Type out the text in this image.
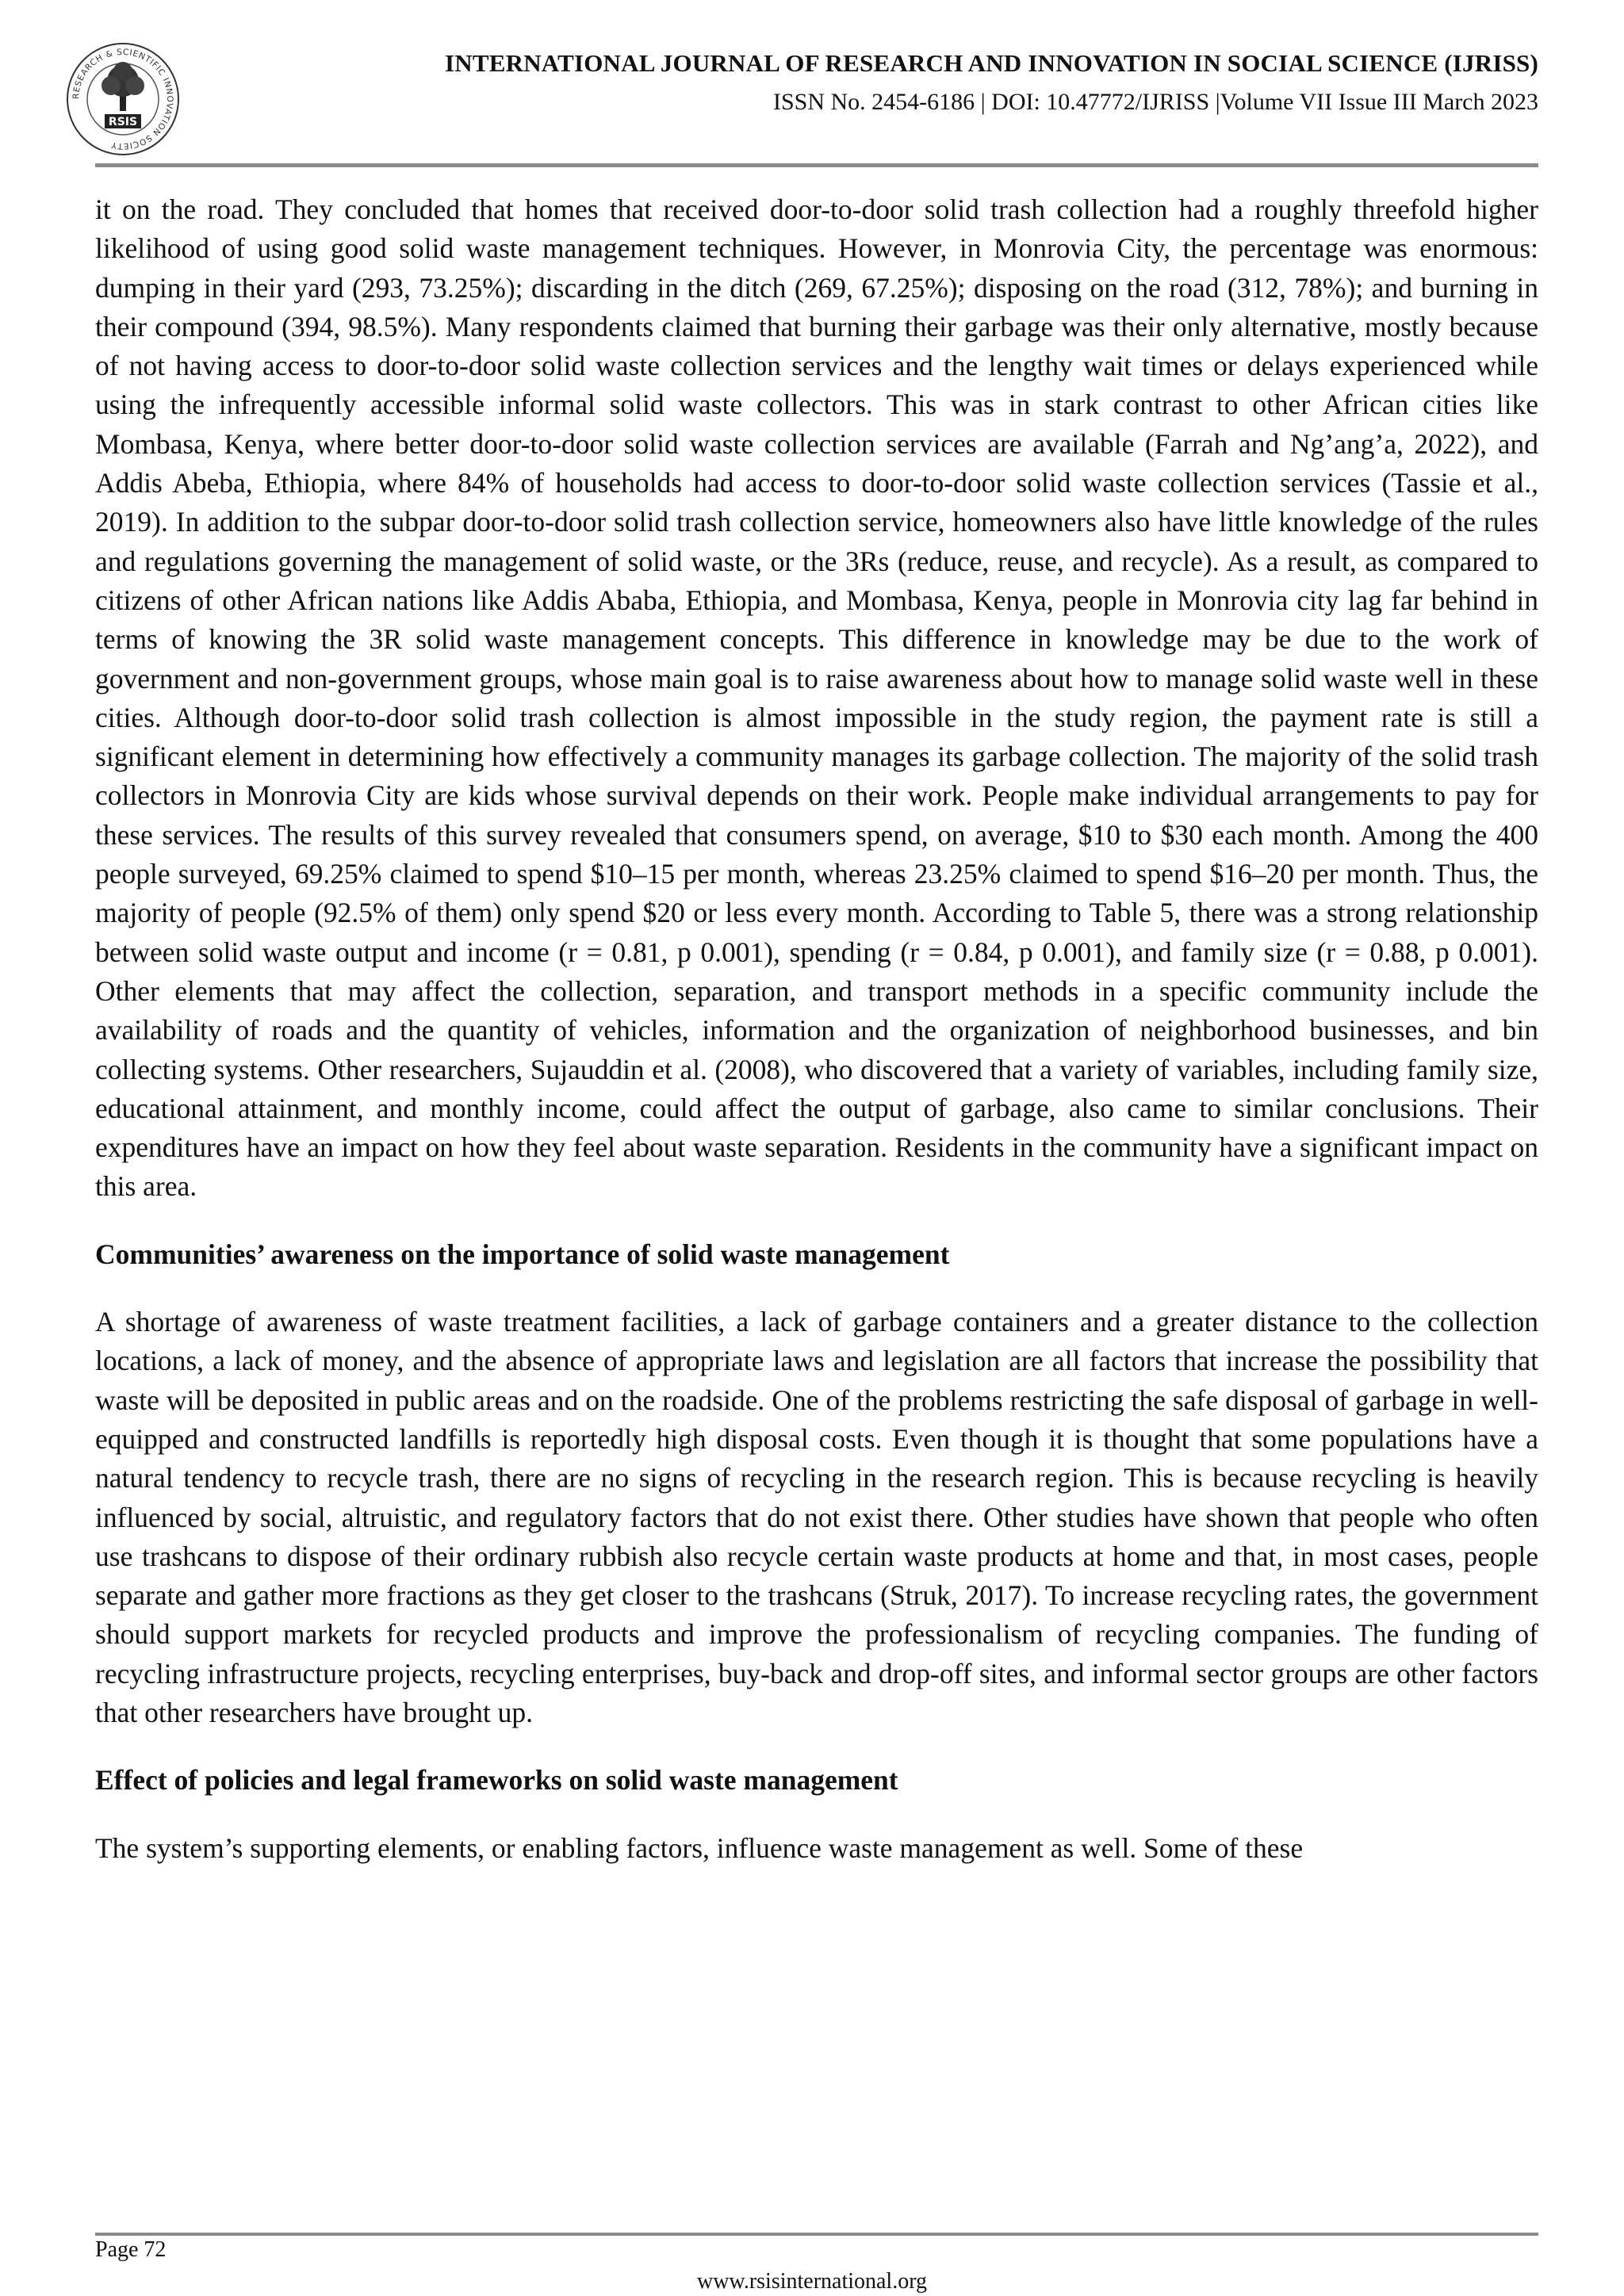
RESEARCH & SCIENTIFIC INNOVATION SOCIETY
RSIS
INTERNATIONAL JOURNAL OF RESEARCH AND INNOVATION IN SOCIAL SCIENCE (IJRISS)
ISSN No. 2454-6186 | DOI: 10.47772/IJRISS |Volume VII Issue III March 2023

it on the road. They concluded that homes that received door-to-door solid trash collection had a roughly threefold higher likelihood of using good solid waste management techniques. However, in Monrovia City, the percentage was enormous: dumping in their yard (293, 73.25%); discarding in the ditch (269, 67.25%); disposing on the road (312, 78%); and burning in their compound (394, 98.5%). Many respondents claimed that burning their garbage was their only alternative, mostly because of not having access to door-to-door solid waste collection services and the lengthy wait times or delays experienced while using the infrequently accessible informal solid waste collectors. This was in stark contrast to other African cities like Mombasa, Kenya, where better door-to-door solid waste collection services are available (Farrah and Ng’ang’a, 2022), and Addis Abeba, Ethiopia, where 84% of households had access to door-to-door solid waste collection services (Tassie et al., 2019). In addition to the subpar door-to-door solid trash collection service, homeowners also have little knowledge of the rules and regulations governing the management of solid waste, or the 3Rs (reduce, reuse, and recycle). As a result, as compared to citizens of other African nations like Addis Ababa, Ethiopia, and Mombasa, Kenya, people in Monrovia city lag far behind in terms of knowing the 3R solid waste management concepts. This difference in knowledge may be due to the work of government and non-government groups, whose main goal is to raise awareness about how to manage solid waste well in these cities. Although door-to-door solid trash collection is almost impossible in the study region, the payment rate is still a significant element in determining how effectively a community manages its garbage collection. The majority of the solid trash collectors in Monrovia City are kids whose survival depends on their work. People make individual arrangements to pay for these services. The results of this survey revealed that consumers spend, on average, $10 to $30 each month. Among the 400 people surveyed, 69.25% claimed to spend $10–15 per month, whereas 23.25% claimed to spend $16–20 per month. Thus, the majority of people (92.5% of them) only spend $20 or less every month. According to Table 5, there was a strong relationship between solid waste output and income (r = 0.81, p 0.001), spending (r = 0.84, p 0.001), and family size (r = 0.88, p 0.001). Other elements that may affect the collection, separation, and transport methods in a specific community include the availability of roads and the quantity of vehicles, information and the organization of neighborhood businesses, and bin collecting systems. Other researchers, Sujauddin et al. (2008), who discovered that a variety of variables, including family size, educational attainment, and monthly income, could affect the output of garbage, also came to similar conclusions. Their expenditures have an impact on how they feel about waste separation. Residents in the community have a significant impact on this area.

Communities’ awareness on the importance of solid waste management

A shortage of awareness of waste treatment facilities, a lack of garbage containers and a greater distance to the collection locations, a lack of money, and the absence of appropriate laws and legislation are all factors that increase the possibility that waste will be deposited in public areas and on the roadside. One of the problems restricting the safe disposal of garbage in well-equipped and constructed landfills is reportedly high disposal costs. Even though it is thought that some populations have a natural tendency to recycle trash, there are no signs of recycling in the research region. This is because recycling is heavily influenced by social, altruistic, and regulatory factors that do not exist there. Other studies have shown that people who often use trashcans to dispose of their ordinary rubbish also recycle certain waste products at home and that, in most cases, people separate and gather more fractions as they get closer to the trashcans (Struk, 2017). To increase recycling rates, the government should support markets for recycled products and improve the professionalism of recycling companies. The funding of recycling infrastructure projects, recycling enterprises, buy-back and drop-off sites, and informal sector groups are other factors that other researchers have brought up.

Effect of policies and legal frameworks on solid waste management

The system’s supporting elements, or enabling factors, influence waste management as well. Some of these

Page 72
www.rsisinternational.org
